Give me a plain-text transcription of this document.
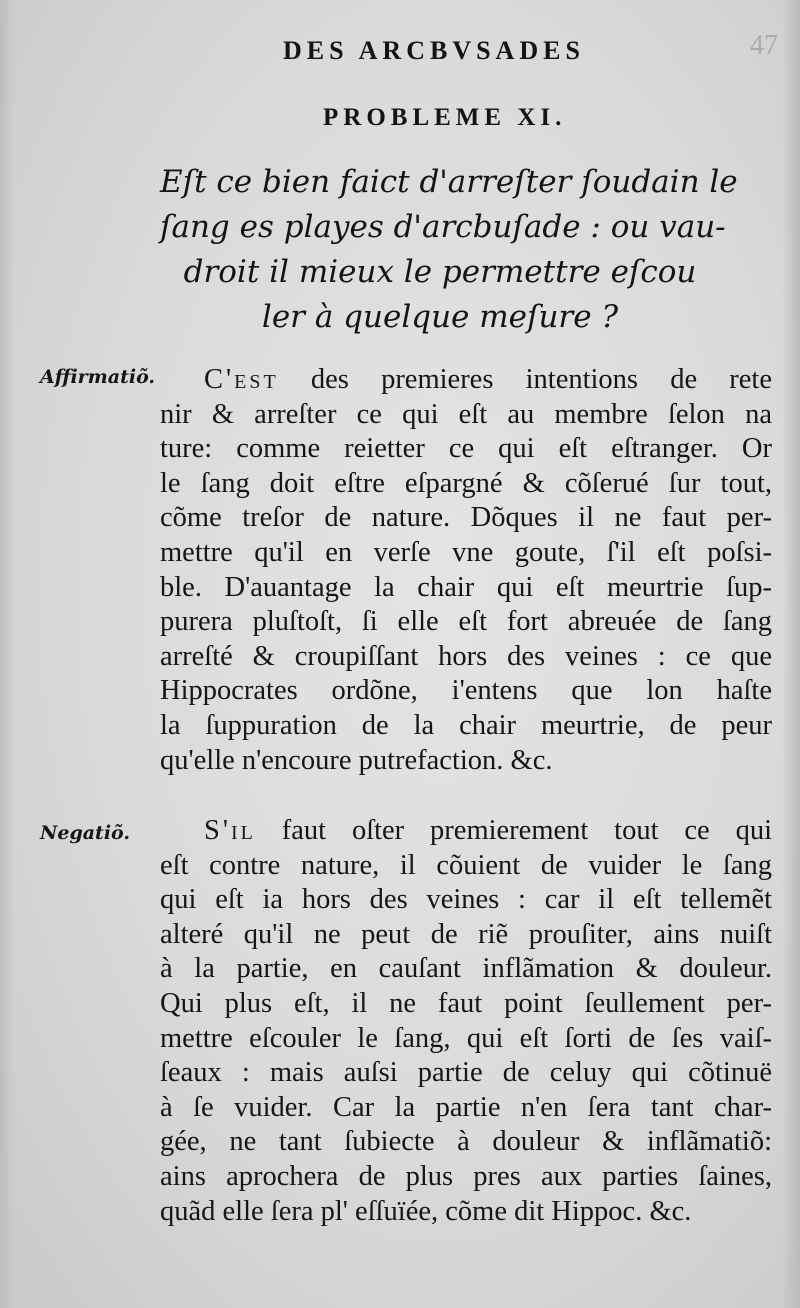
47
DES ARCBVSADES
PROBLEME XI.
Eſt ce bien faict d'arreſter ſoudain le
ſang es playes d'arcbuſade : ou vau-
droit il mieux le permettre eſcou
ler à quelque meſure ?
Affirmatiõ.	C'est des premieres intentions de rete
nir & arreſter ce qui eſt au membre ſelon na
ture: comme reietter ce qui eſt eſtranger. Or
le ſang doit eſtre eſpargné & cõſerué ſur tout,
cõme treſor de nature. Dõques il ne faut per-
mettre qu'il en verſe vne goute, ſ'il eſt poſsi-
ble. D'auantage la chair qui eſt meurtrie ſup-
purera pluſtoſt, ſi elle eſt fort abreuée de ſang
arreſté & croupiſſant hors des veines : ce que
Hippocrates ordõne, i'entens que lon haſte
la ſuppuration de la chair meurtrie, de peur
qu'elle n'encoure putrefaction. &c.
Negatiõ.	S'il faut oſter premierement tout ce qui
eſt contre nature, il cõuient de vuider le ſang
qui eſt ia hors des veines : car il eſt tellemẽt
alteré qu'il ne peut de riẽ prouſiter, ains nuiſt
à la partie, en cauſant inflãmation & douleur.
Qui plus eſt, il ne faut point ſeullement per-
mettre eſcouler le ſang, qui eſt ſorti de ſes vaiſ-
ſeaux : mais auſsi partie de celuy qui cõtinuë
à ſe vuider. Car la partie n'en ſera tant char-
gée, ne tant ſubiecte à douleur & inflãmatiõ:
ains aprochera de plus pres aux parties ſaines,
quãd elle ſera pl' eſſuïée, cõme dit Hippoc. &c.
